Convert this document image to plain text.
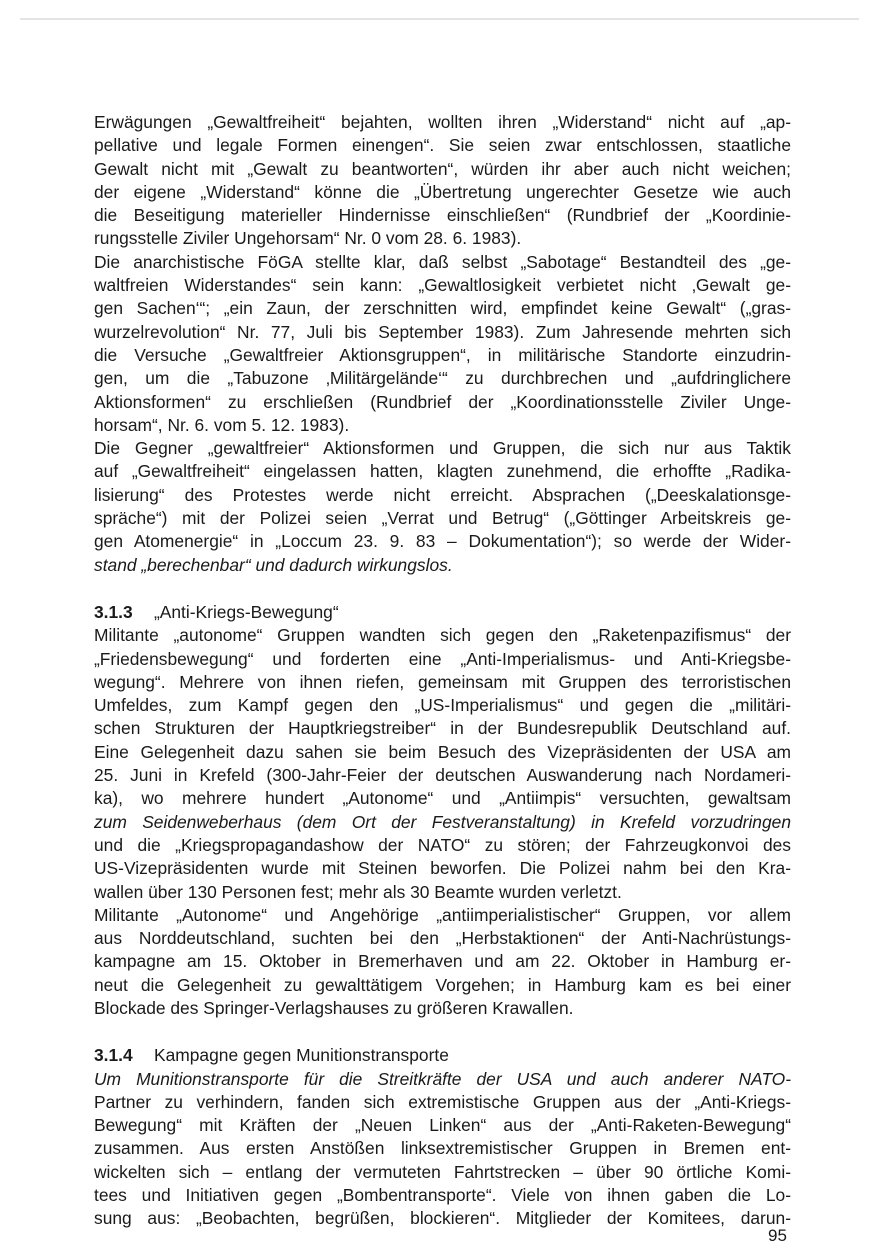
Erwägungen „Gewaltfreiheit“ bejahten, wollten ihren „Widerstand“ nicht auf „ap-
pellative und legale Formen einengen“. Sie seien zwar entschlossen, staatliche
Gewalt nicht mit „Gewalt zu beantworten“, würden ihr aber auch nicht weichen;
der eigene „Widerstand“ könne die „Übertretung ungerechter Gesetze wie auch
die Beseitigung materieller Hindernisse einschließen“ (Rundbrief der „Koordinie-
rungsstelle Ziviler Ungehorsam“ Nr. 0 vom 28. 6. 1983).
Die anarchistische FöGA stellte klar, daß selbst „Sabotage“ Bestandteil des „ge-
waltfreien Widerstandes“ sein kann: „Gewaltlosigkeit verbietet nicht ‚Gewalt ge-
gen Sachen‘“; „ein Zaun, der zerschnitten wird, empfindet keine Gewalt“ („gras-
wurzelrevolution“ Nr. 77, Juli bis September 1983). Zum Jahresende mehrten sich
die Versuche „Gewaltfreier Aktionsgruppen“, in militärische Standorte einzudrin-
gen, um die „Tabuzone ‚Militärgelände‘“ zu durchbrechen und „aufdringlichere
Aktionsformen“ zu erschließen (Rundbrief der „Koordinationsstelle Ziviler Unge-
horsam“, Nr. 6. vom 5. 12. 1983).
Die Gegner „gewaltfreier“ Aktionsformen und Gruppen, die sich nur aus Taktik
auf „Gewaltfreiheit“ eingelassen hatten, klagten zunehmend, die erhoffte „Radika-
lisierung“ des Protestes werde nicht erreicht. Absprachen („Deeskalationsge-
spräche“) mit der Polizei seien „Verrat und Betrug“ („Göttinger Arbeitskreis ge-
gen Atomenergie“ in „Loccum 23. 9. 83 – Dokumentation“); so werde der Wider-
stand „berechenbar“ und dadurch wirkungslos.
3.1.3 „Anti-Kriegs-Bewegung“
Militante „autonome“ Gruppen wandten sich gegen den „Raketenpazifismus“ der
„Friedensbewegung“ und forderten eine „Anti-Imperialismus- und Anti-Kriegsbe-
wegung“. Mehrere von ihnen riefen, gemeinsam mit Gruppen des terroristischen
Umfeldes, zum Kampf gegen den „US-Imperialismus“ und gegen die „militäri-
schen Strukturen der Hauptkriegstreiber“ in der Bundesrepublik Deutschland auf.
Eine Gelegenheit dazu sahen sie beim Besuch des Vizepräsidenten der USA am
25. Juni in Krefeld (300-Jahr-Feier der deutschen Auswanderung nach Nordameri-
ka), wo mehrere hundert „Autonome“ und „Antiimpis“ versuchten, gewaltsam
zum Seidenweberhaus (dem Ort der Festveranstaltung) in Krefeld vorzudringen
und die „Kriegspropagandashow der NATO“ zu stören; der Fahrzeugkonvoi des
US-Vizepräsidenten wurde mit Steinen beworfen. Die Polizei nahm bei den Kra-
wallen über 130 Personen fest; mehr als 30 Beamte wurden verletzt.
Militante „Autonome“ und Angehörige „antiimperialistischer“ Gruppen, vor allem
aus Norddeutschland, suchten bei den „Herbstaktionen“ der Anti-Nachrüstungs-
kampagne am 15. Oktober in Bremerhaven und am 22. Oktober in Hamburg er-
neut die Gelegenheit zu gewalttätigem Vorgehen; in Hamburg kam es bei einer
Blockade des Springer-Verlagshauses zu größeren Krawallen.
3.1.4 Kampagne gegen Munitionstransporte
Um Munitionstransporte für die Streitkräfte der USA und auch anderer NATO-
Partner zu verhindern, fanden sich extremistische Gruppen aus der „Anti-Kriegs-
Bewegung“ mit Kräften der „Neuen Linken“ aus der „Anti-Raketen-Bewegung“
zusammen. Aus ersten Anstößen linksextremistischer Gruppen in Bremen ent-
wickelten sich – entlang der vermuteten Fahrtstrecken – über 90 örtliche Komi-
tees und Initiativen gegen „Bombentransporte“. Viele von ihnen gaben die Lo-
sung aus: „Beobachten, begrüßen, blockieren“. Mitglieder der Komitees, darun-
95
